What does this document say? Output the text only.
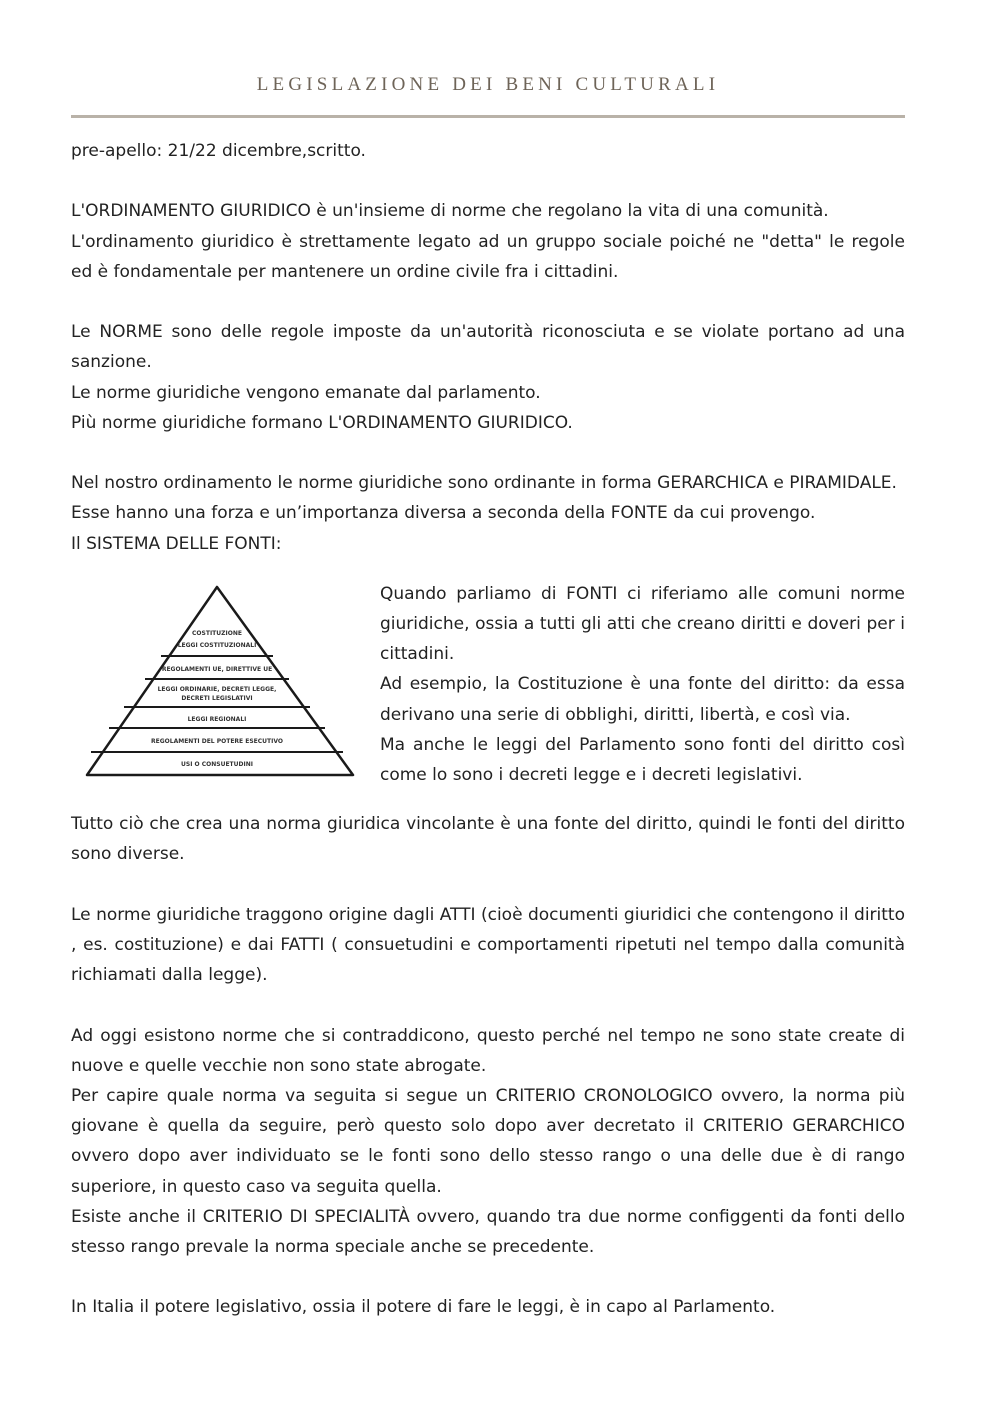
LEGISLAZIONE DEI BENI CULTURALI

pre-apello: 21/22 dicembre,scritto.

L'ORDINAMENTO GIURIDICO è un'insieme di norme che regolano la vita di una comunità.

L'ordinamento giuridico è strettamente legato ad un gruppo sociale poiché ne "detta" le regole ed è fondamentale per mantenere un ordine civile fra i cittadini.

Le NORME sono delle regole imposte da un'autorità riconosciuta e se violate portano ad una sanzione.

Le norme giuridiche vengono emanate dal parlamento.

Più norme giuridiche formano L'ORDINAMENTO GIURIDICO.

Nel nostro ordinamento le norme giuridiche sono ordinante in forma GERARCHICA e PIRAMIDALE.

Esse hanno una forza e un’importanza diversa a seconda della FONTE da cui provengo.

Il SISTEMA DELLE FONTI:

COSTITUZIONE
LEGGI COSTITUZIONALI
REGOLAMENTI UE, DIRETTIVE UE
LEGGI ORDINARIE, DECRETI LEGGE,
DECRETI LEGISLATIVI
LEGGI REGIONALI
REGOLAMENTI DEL POTERE ESECUTIVO
USI O CONSUETUDINI

Quando parliamo di FONTI ci riferiamo alle comuni norme giuridiche, ossia a tutti gli atti che creano diritti e doveri per i cittadini.

Ad esempio, la Costituzione è una fonte del diritto: da essa derivano una serie di obblighi, diritti, libertà, e così via.

Ma anche le leggi del Parlamento sono fonti del diritto così come lo sono i decreti legge e i decreti legislativi.

Tutto ciò che crea una norma giuridica vincolante è una fonte del diritto, quindi le fonti del diritto sono diverse.

Le norme giuridiche traggono origine dagli ATTI (cioè documenti giuridici che contengono il diritto , es. costituzione) e dai FATTI ( consuetudini e comportamenti ripetuti nel tempo dalla comunità richiamati dalla legge).

Ad oggi esistono norme che si contraddicono, questo perché nel tempo ne sono state create di nuove e quelle vecchie non sono state abrogate.

Per capire quale norma va seguita si segue un CRITERIO CRONOLOGICO ovvero, la norma più giovane è quella da seguire, però questo solo dopo aver decretato il CRITERIO GERARCHICO ovvero dopo aver individuato se le fonti sono dello stesso rango o una delle due è di rango superiore, in questo caso va seguita quella.

Esiste anche il CRITERIO DI SPECIALITÀ ovvero, quando tra due norme configgenti da fonti dello stesso rango prevale la norma speciale anche se precedente.

In Italia il potere legislativo, ossia il potere di fare le leggi, è in capo al Parlamento.
